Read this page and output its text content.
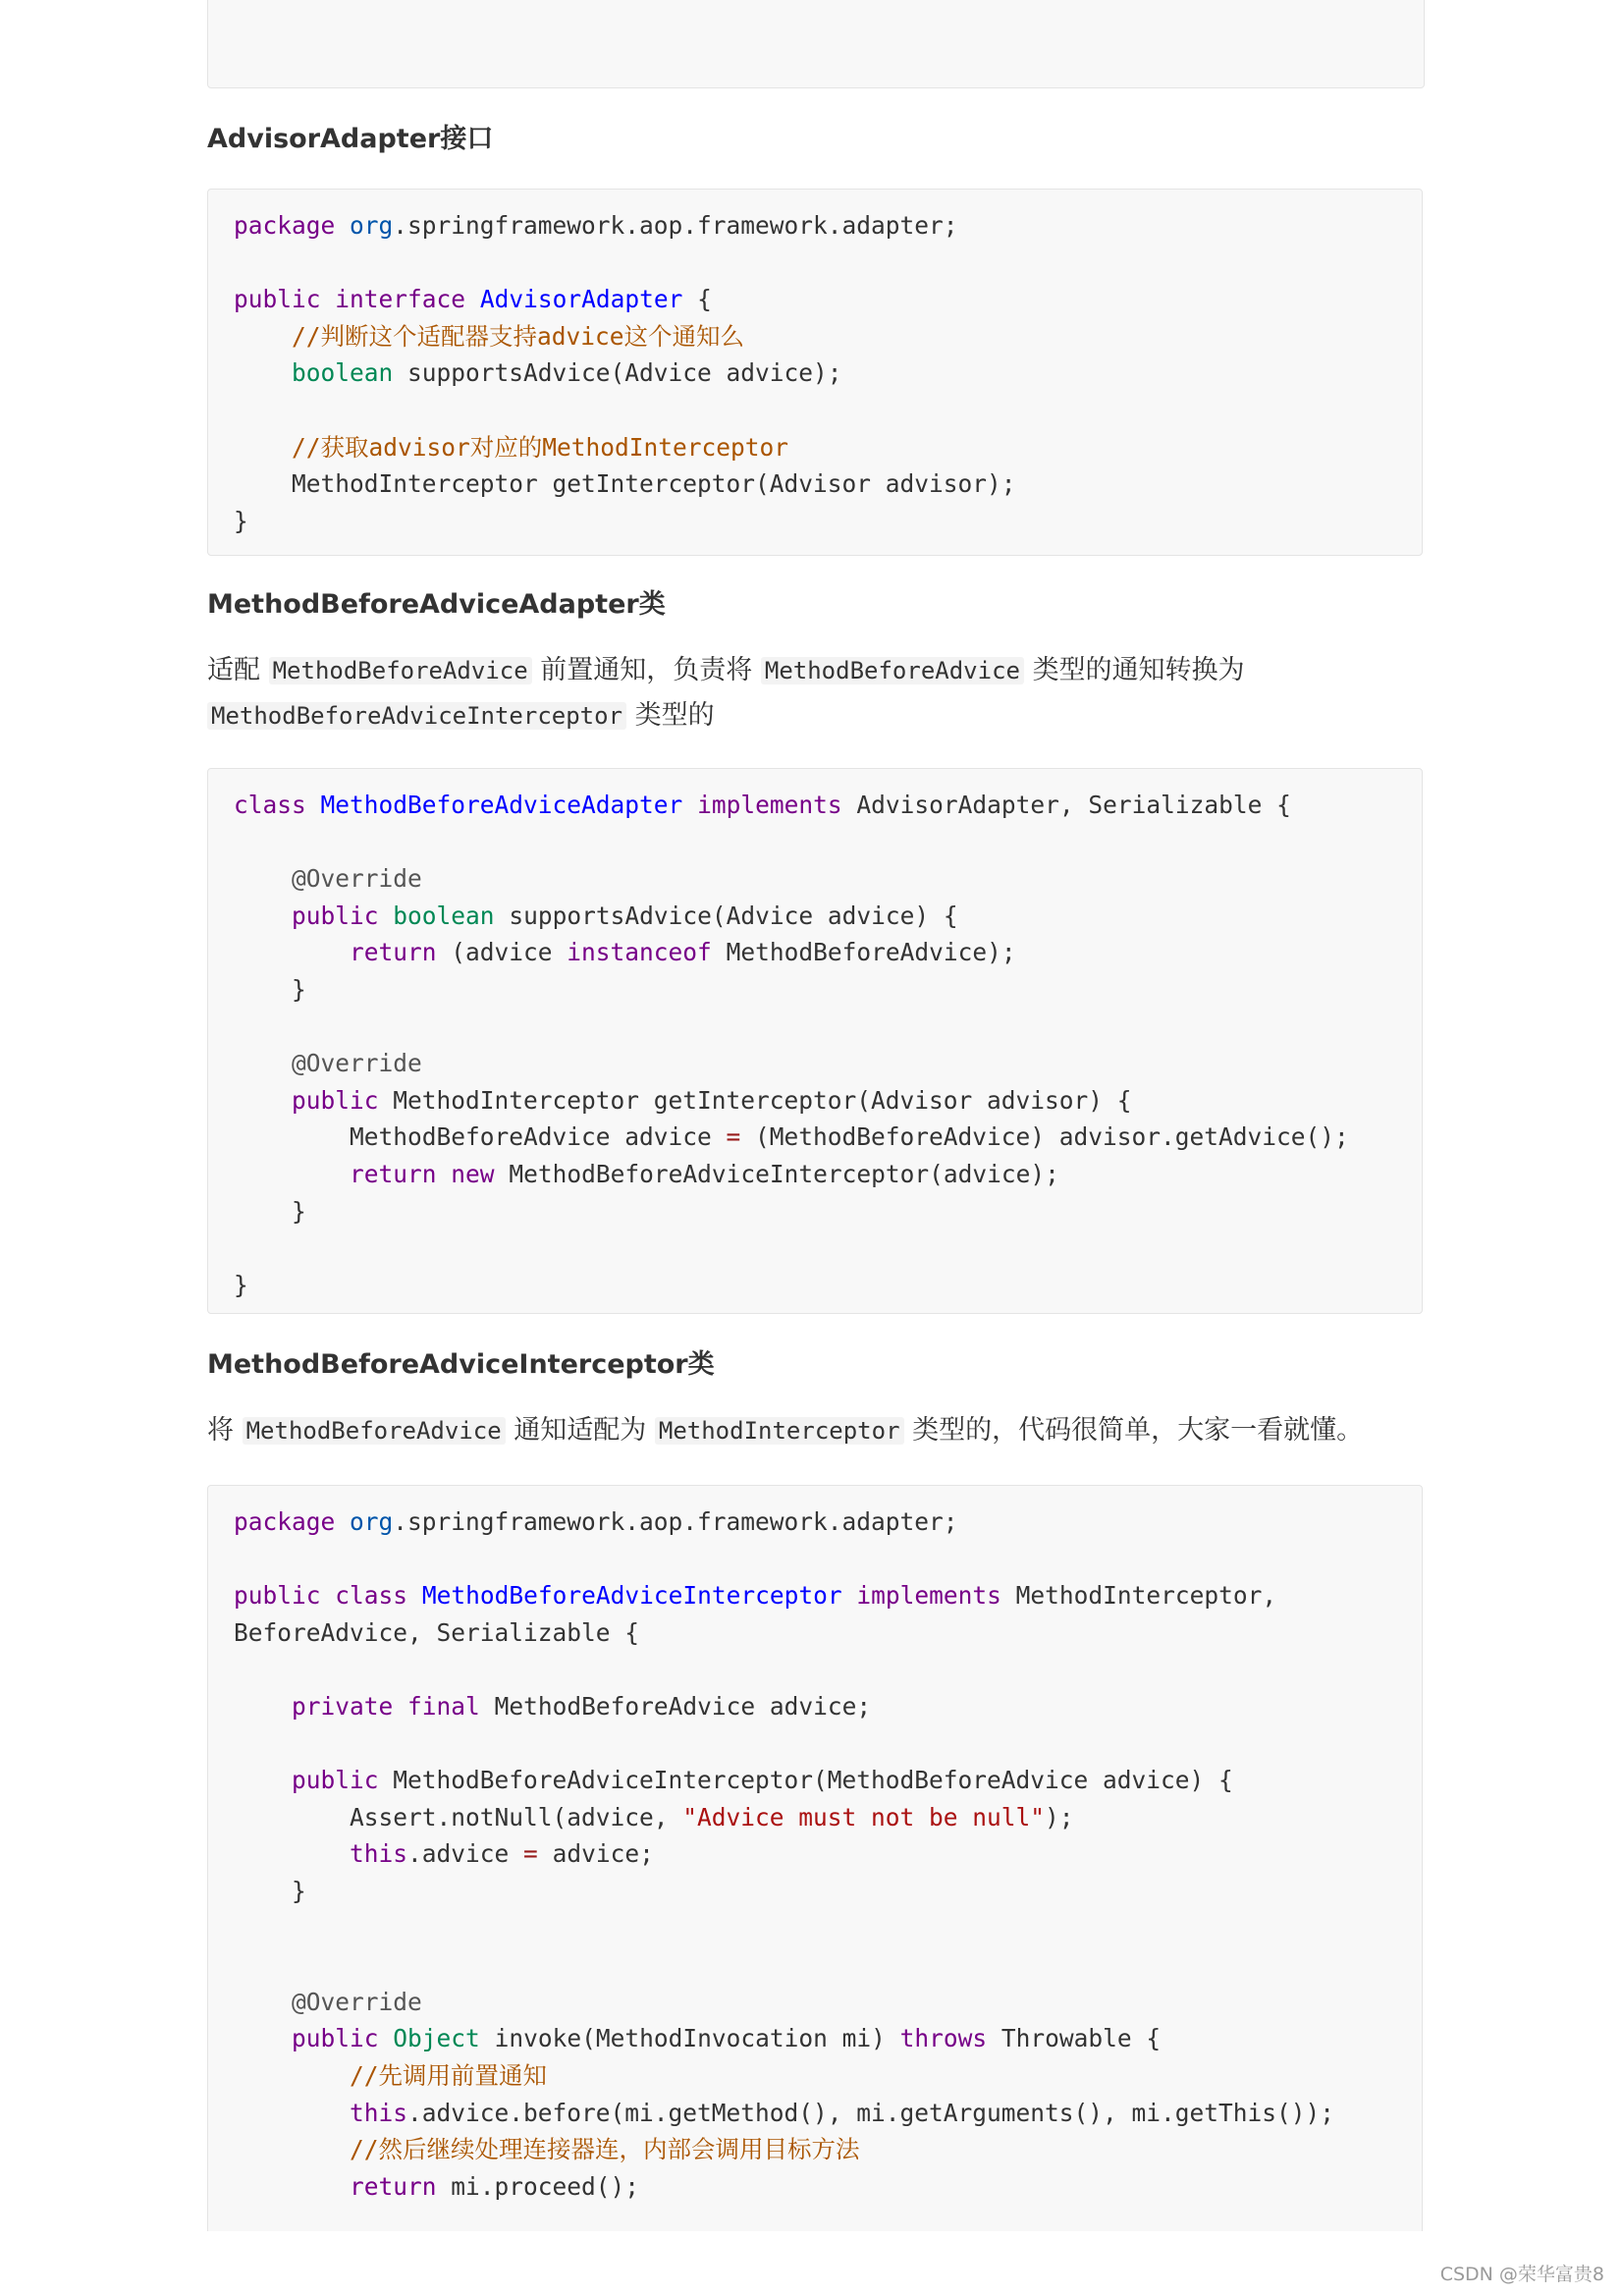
AdvisorAdapter接口
package org.springframework.aop.framework.adapter;

public interface AdvisorAdapter {
//判断这个适配器支持advice这个通知么
boolean supportsAdvice(Advice advice);

//获取advisor对应的MethodInterceptor
MethodInterceptor getInterceptor(Advisor advisor);
}
MethodBeforeAdviceAdapter类

适配 MethodBeforeAdvice 前置通知，负责将 MethodBeforeAdvice 类型的通知转换为
MethodBeforeAdviceInterceptor 类型的

class MethodBeforeAdviceAdapter implements AdvisorAdapter, Serializable {

@Override
public boolean supportsAdvice(Advice advice) {
return (advice instanceof MethodBeforeAdvice);
}

@Override
public MethodInterceptor getInterceptor(Advisor advisor) {
MethodBeforeAdvice advice = (MethodBeforeAdvice) advisor.getAdvice();
return new MethodBeforeAdviceInterceptor(advice);
}

}
MethodBeforeAdviceInterceptor类

将 MethodBeforeAdvice 通知适配为 MethodInterceptor 类型的，代码很简单，大家一看就懂。

package org.springframework.aop.framework.adapter;

public class MethodBeforeAdviceInterceptor implements MethodInterceptor,
BeforeAdvice, Serializable {

private final MethodBeforeAdvice advice;

public MethodBeforeAdviceInterceptor(MethodBeforeAdvice advice) {
Assert.notNull(advice, "Advice must not be null");
this.advice = advice;
}

@Override
public Object invoke(MethodInvocation mi) throws Throwable {
//先调用前置通知
this.advice.before(mi.getMethod(), mi.getArguments(), mi.getThis());
//然后继续处理连接器连，内部会调用目标方法
return mi.proceed();
CSDN @荣华富贵8
